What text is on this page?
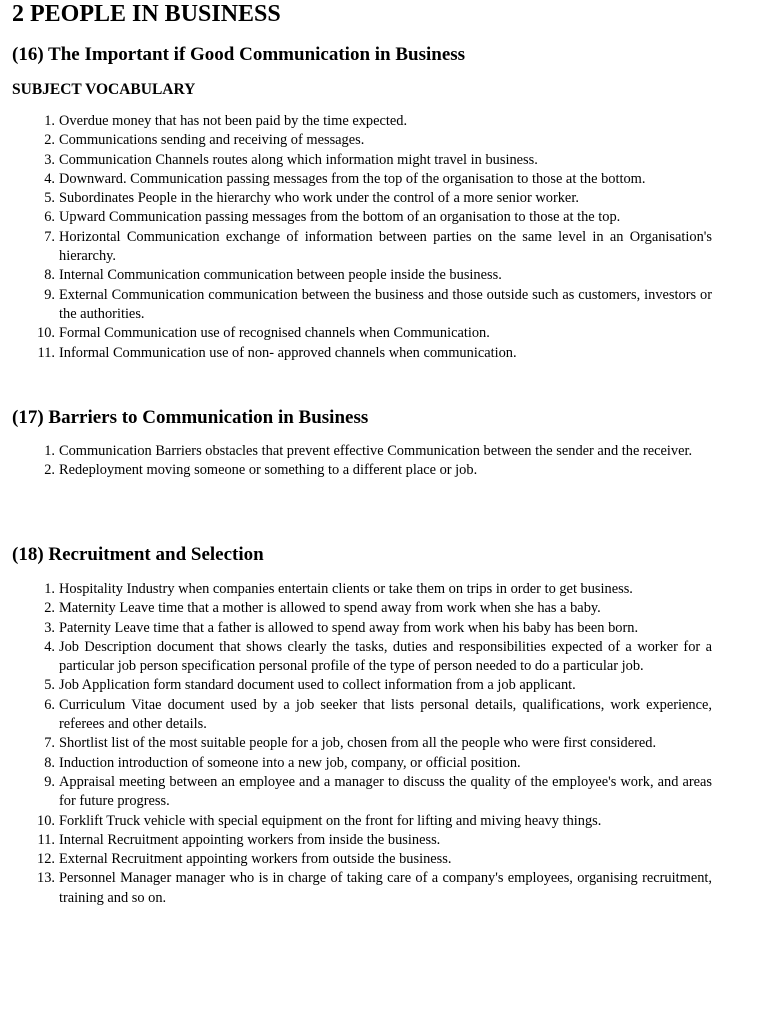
2 PEOPLE IN BUSINESS
(16) The Important if Good Communication in Business
SUBJECT VOCABULARY
1. Overdue money that has not been paid by the time expected.
2. Communications sending and receiving of messages.
3. Communication Channels routes along which information might travel in business.
4. Downward. Communication passing messages from the top of the organisation to those at the bottom.
5. Subordinates People in the hierarchy who work under the control of a more senior worker.
6. Upward Communication passing messages from the bottom of an organisation to those at the top.
7. Horizontal Communication exchange of information between parties on the same level in an Organisation's hierarchy.
8. Internal Communication communication between people inside the business.
9. External Communication communication between the business and those outside such as customers, investors or the authorities.
10. Formal Communication use of recognised channels when Communication.
11. Informal Communication use of non- approved channels when communication.
(17) Barriers to Communication in Business
1. Communication Barriers obstacles that prevent effective Communication between the sender and the receiver.
2. Redeployment moving someone or something to a different place or job.
(18) Recruitment and Selection
1. Hospitality Industry when companies entertain clients or take them on trips in order to get business.
2. Maternity Leave time that a mother is allowed to spend away from work when she has a baby.
3. Paternity Leave time that a father is allowed to spend away from work when his baby has been born.
4. Job Description document that shows clearly the tasks, duties and responsibilities expected of a worker for a particular job person specification personal profile of the type of person needed to do a particular job.
5. Job Application form standard document used to collect information from a job applicant.
6. Curriculum Vitae document used by a job seeker that lists personal details, qualifications, work experience, referees and other details.
7. Shortlist list of the most suitable people for a job, chosen from all the people who were first considered.
8. Induction introduction of someone into a new job, company, or official position.
9. Appraisal meeting between an employee and a manager to discuss the quality of the employee's work, and areas for future progress.
10. Forklift Truck vehicle with special equipment on the front for lifting and miving heavy things.
11. Internal Recruitment appointing workers from inside the business.
12. External Recruitment appointing workers from outside the business.
13. Personnel Manager manager who is in charge of taking care of a company's employees, organising recruitment, training and so on.
